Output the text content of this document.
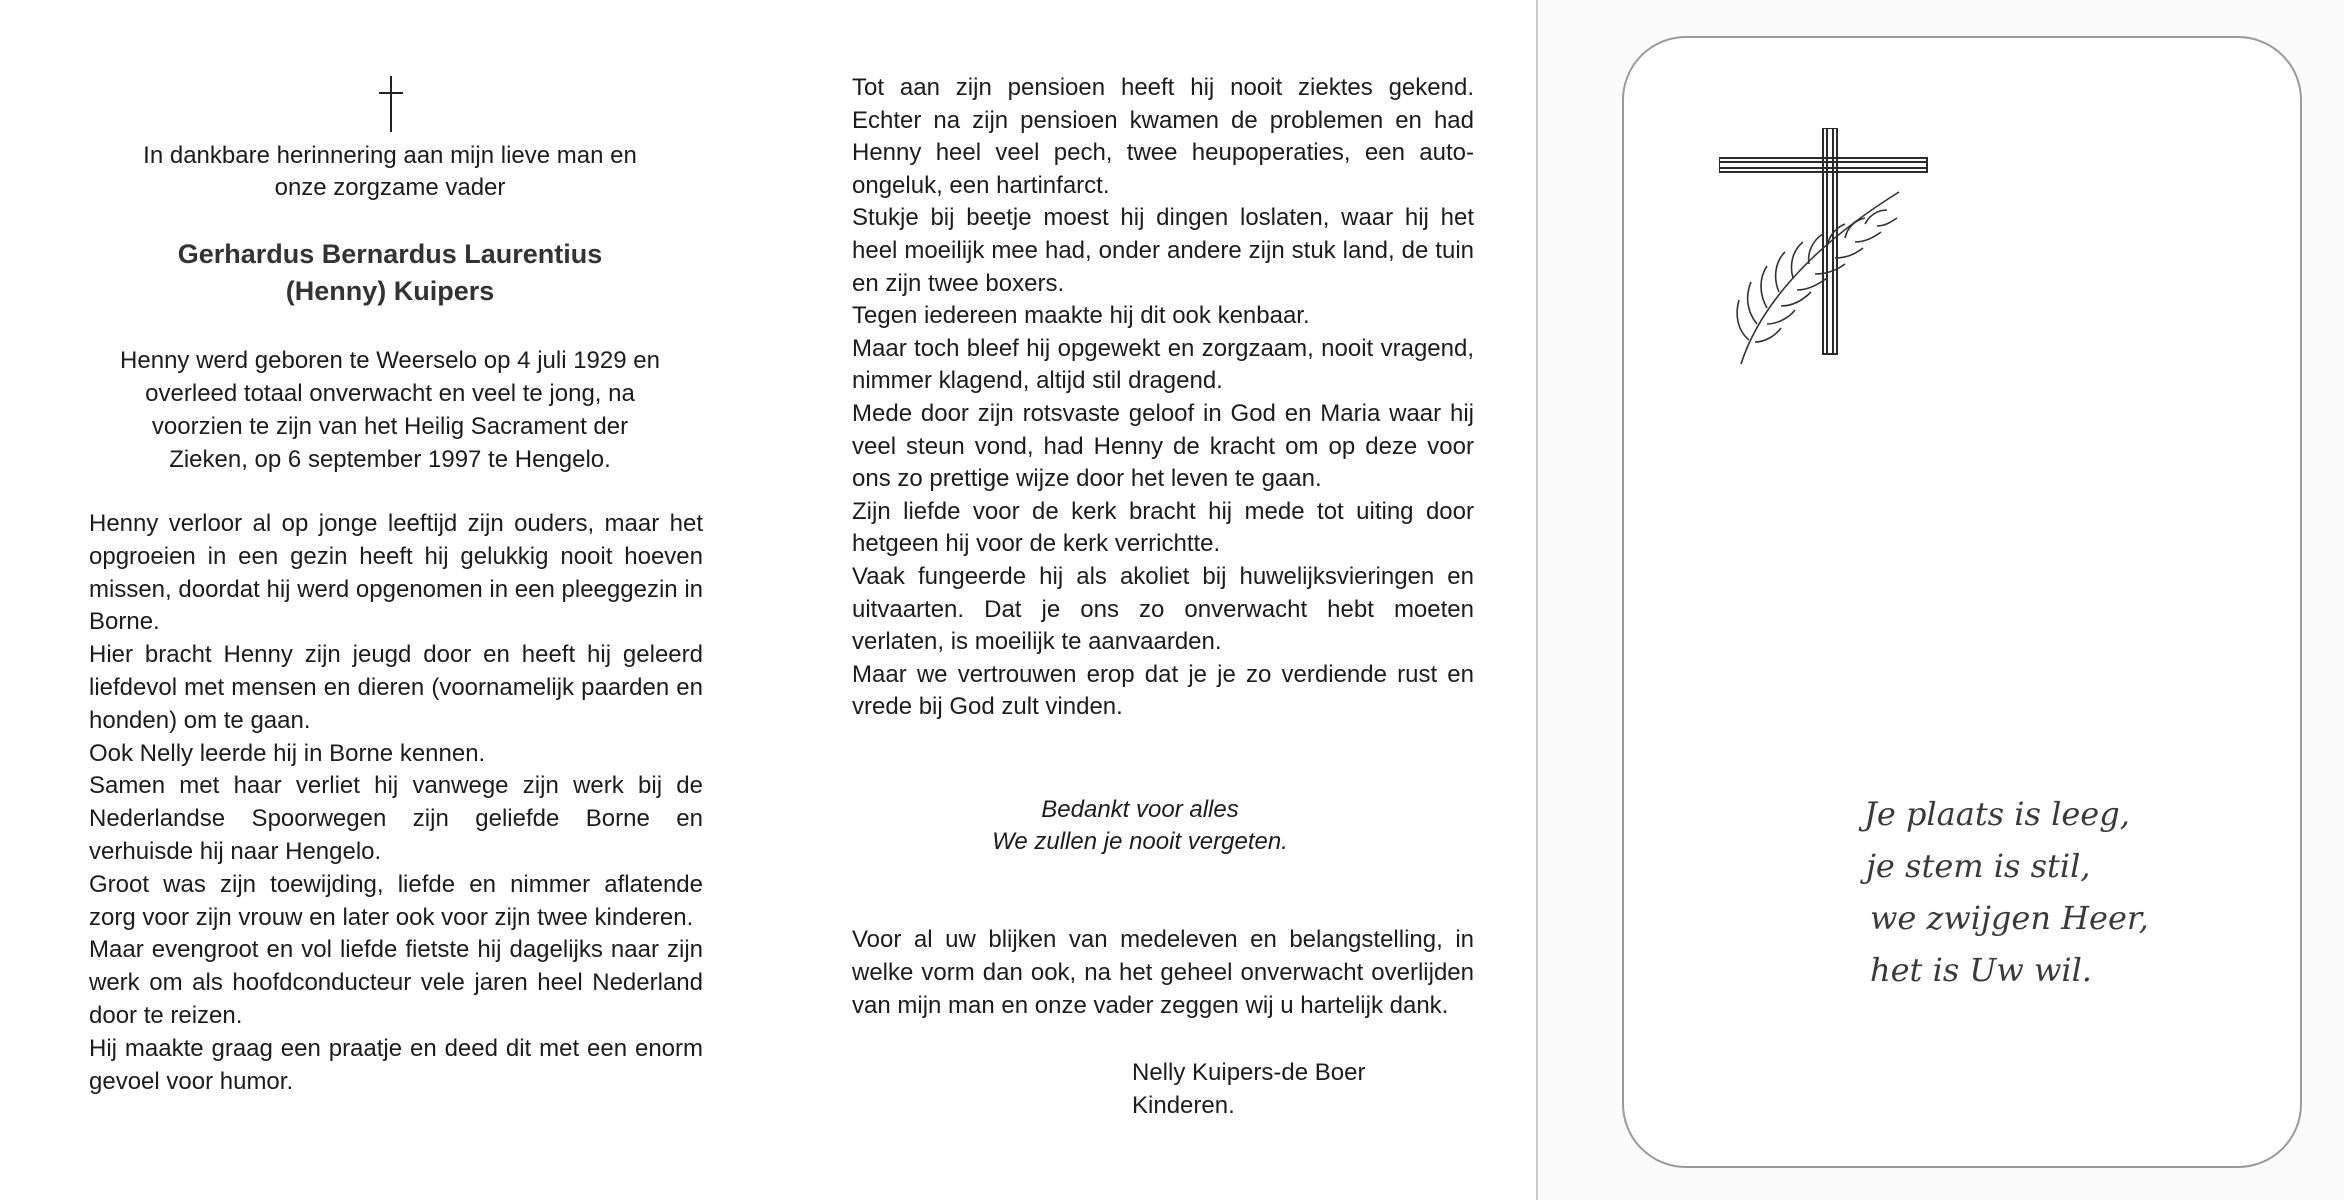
In dankbare herinnering aan mijn lieve man en
onze zorgzame vader
Gerhardus Bernardus Laurentius
(Henny) Kuipers
Henny werd geboren te Weerselo op 4 juli 1929 en
overleed totaal onverwacht en veel te jong, na
voorzien te zijn van het Heilig Sacrament der
Zieken, op 6 september 1997 te Hengelo.

Henny verloor al op jonge leeftijd zijn ouders, maar het opgroeien in een gezin heeft hij gelukkig nooit hoeven missen, doordat hij werd opgenomen in een pleeggezin in Borne.

Hier bracht Henny zijn jeugd door en heeft hij geleerd liefdevol met mensen en dieren (voornamelijk paarden en honden) om te gaan.

Ook Nelly leerde hij in Borne kennen.

Samen met haar verliet hij vanwege zijn werk bij de Nederlandse Spoorwegen zijn geliefde Borne en verhuisde hij naar Hengelo.

Groot was zijn toewijding, liefde en nimmer aflatende zorg voor zijn vrouw en later ook voor zijn twee kinderen.

Maar evengroot en vol liefde fietste hij dagelijks naar zijn werk om als hoofdconducteur vele jaren heel Nederland door te reizen.

Hij maakte graag een praatje en deed dit met een enorm gevoel voor humor.

Tot aan zijn pensioen heeft hij nooit ziektes gekend. Echter na zijn pensioen kwamen de problemen en had Henny heel veel pech, twee heupoperaties, een auto-ongeluk, een hartinfarct.

Stukje bij beetje moest hij dingen loslaten, waar hij het heel moeilijk mee had, onder andere zijn stuk land, de tuin en zijn twee boxers.

Tegen iedereen maakte hij dit ook kenbaar.

Maar toch bleef hij opgewekt en zorgzaam, nooit vragend, nimmer klagend, altijd stil dragend.

Mede door zijn rotsvaste geloof in God en Maria waar hij veel steun vond, had Henny de kracht om op deze voor ons zo prettige wijze door het leven te gaan.

Zijn liefde voor de kerk bracht hij mede tot uiting door hetgeen hij voor de kerk verrichtte.

Vaak fungeerde hij als akoliet bij huwelijksvieringen en uitvaarten. Dat je ons zo onverwacht hebt moeten verlaten, is moeilijk te aanvaarden.

Maar we vertrouwen erop dat je je zo verdiende rust en vrede bij God zult vinden.

Bedankt voor alles
We zullen je nooit vergeten.
Voor al uw blijken van medeleven en belangstelling, in welke vorm dan ook, na het geheel onverwacht overlijden van mijn man en onze vader zeggen wij u hartelijk dank.
Nelly Kuipers-de Boer
Kinderen.
Je plaats is leeg,
je stem is stil,
we zwijgen Heer,
het is Uw wil.
